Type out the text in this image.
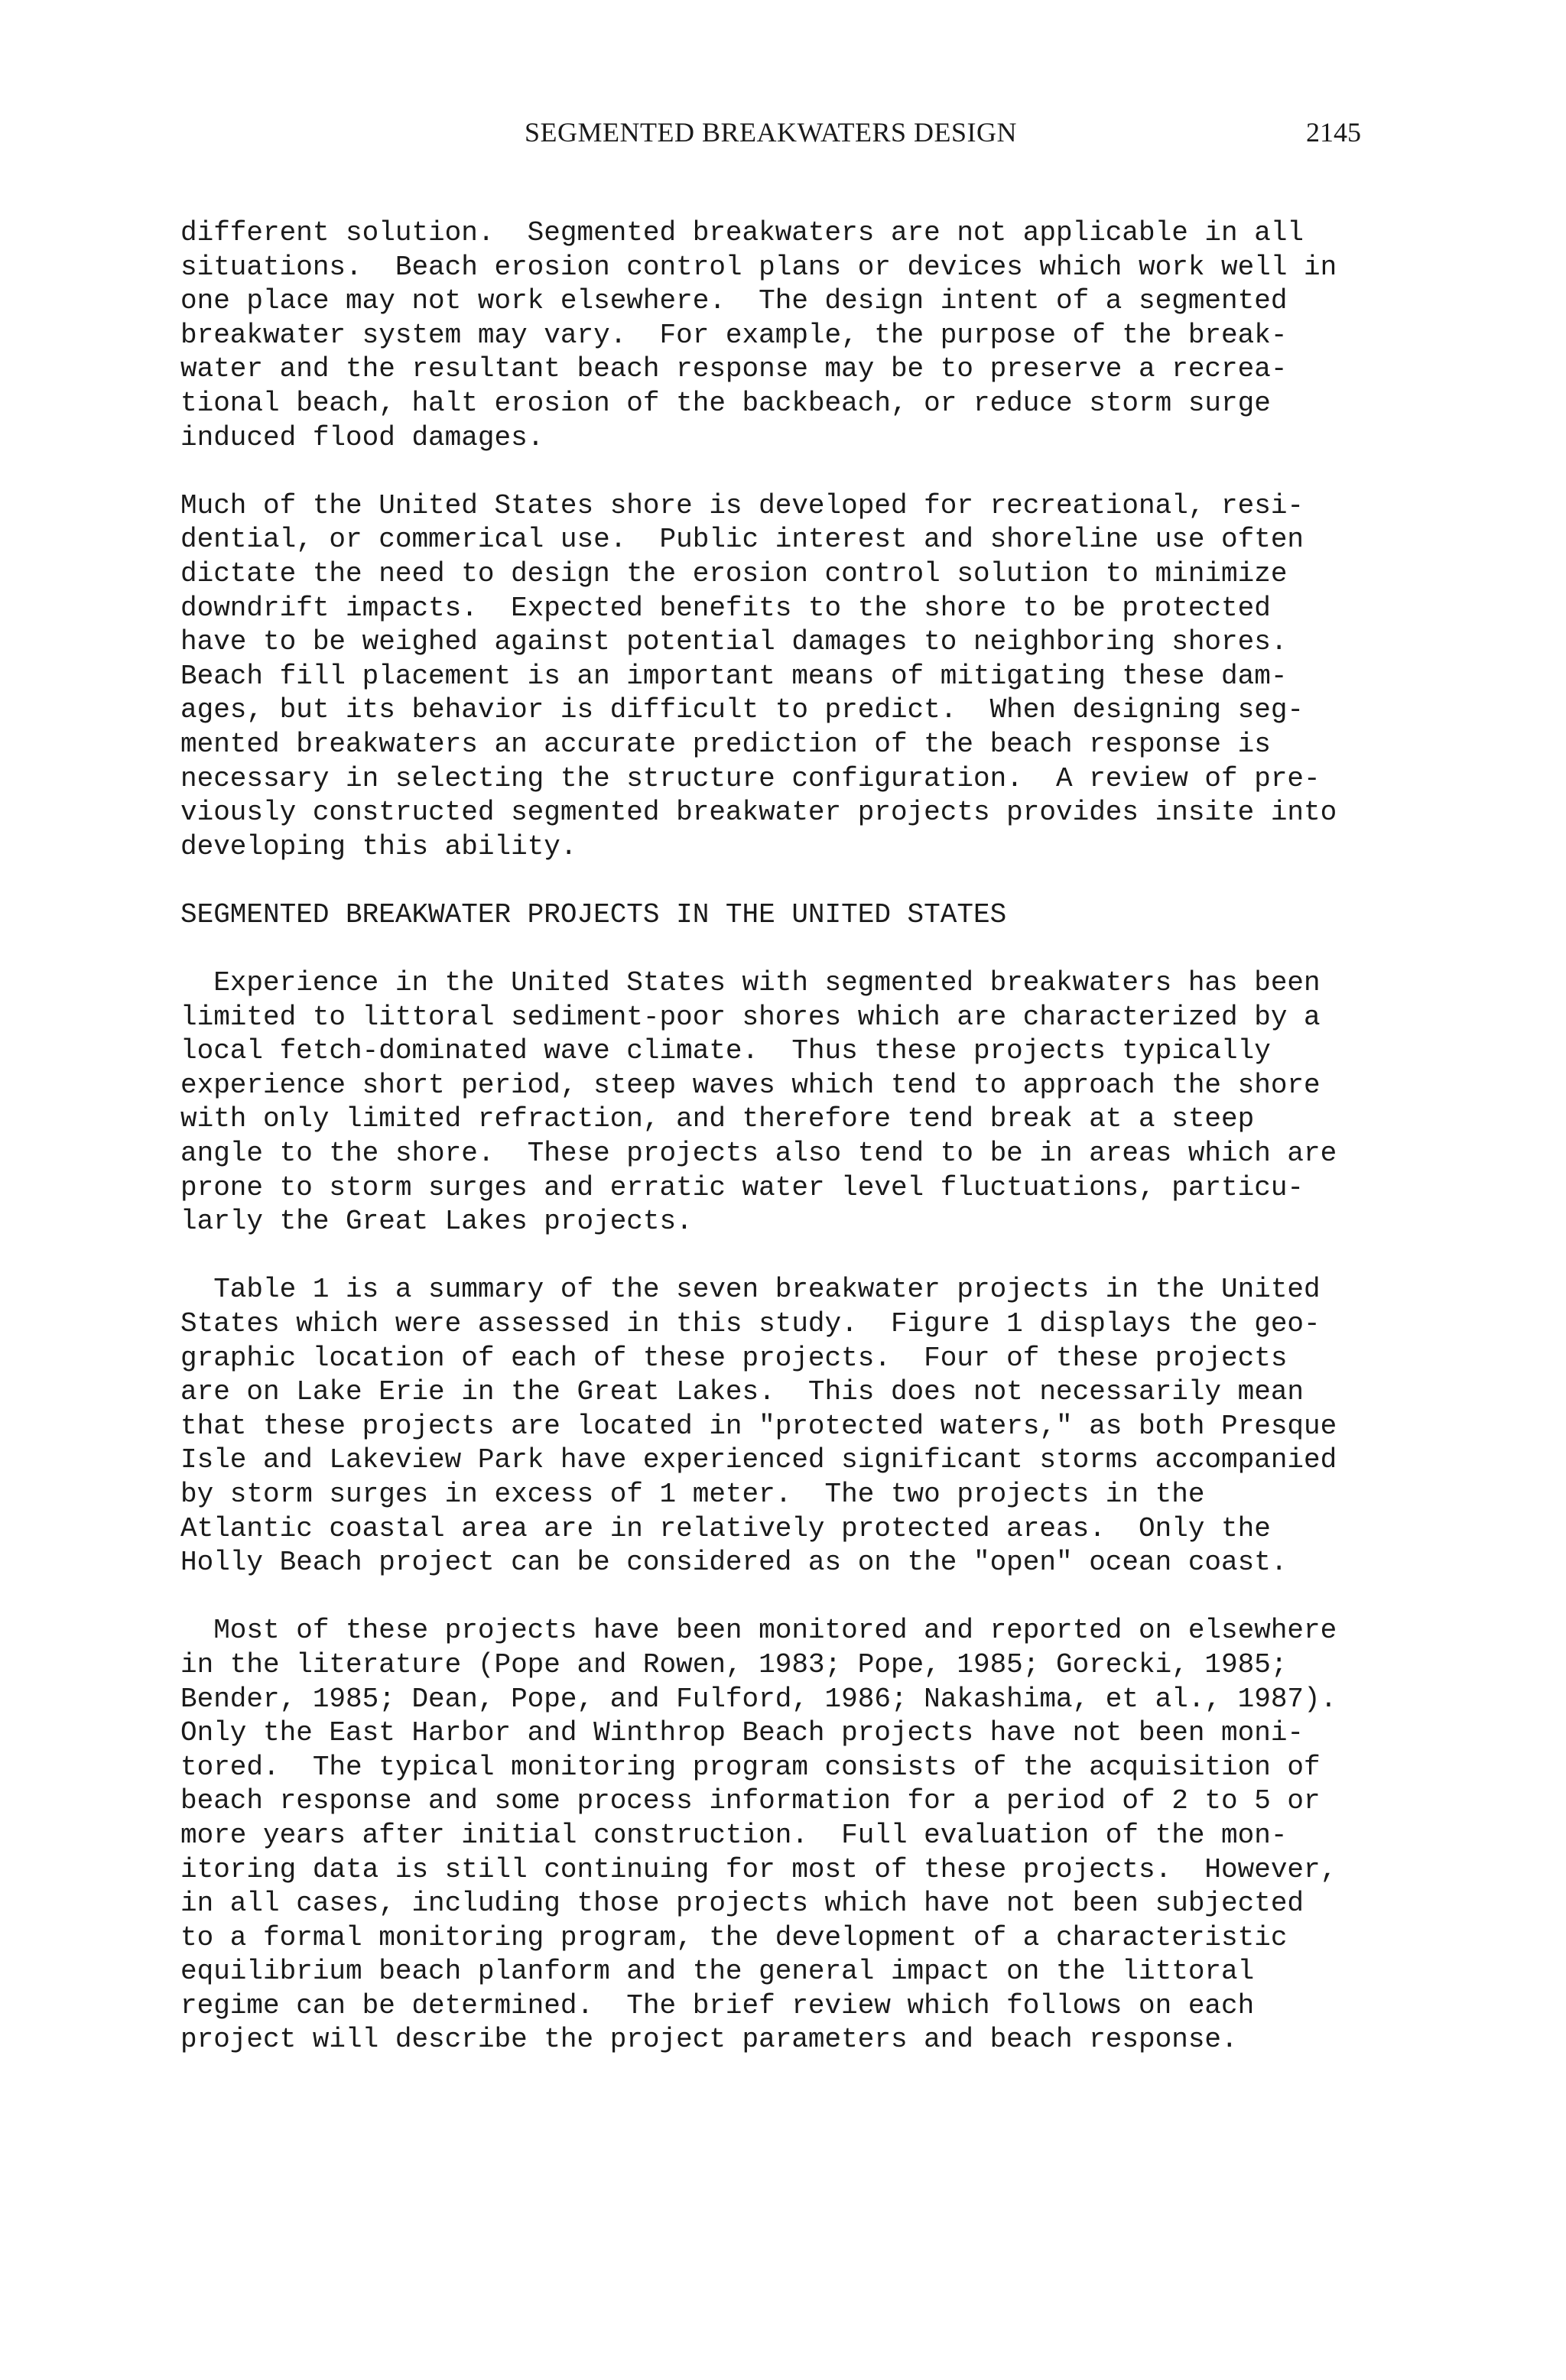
SEGMENTED BREAKWATERS DESIGN	2145

different solution.  Segmented breakwaters are not applicable in all
situations.  Beach erosion control plans or devices which work well in
one place may not work elsewhere.  The design intent of a segmented
breakwater system may vary.  For example, the purpose of the break-
water and the resultant beach response may be to preserve a recrea-
tional beach, halt erosion of the backbeach, or reduce storm surge
induced flood damages.

Much of the United States shore is developed for recreational, resi-
dential, or commerical use.  Public interest and shoreline use often
dictate the need to design the erosion control solution to minimize
downdrift impacts.  Expected benefits to the shore to be protected
have to be weighed against potential damages to neighboring shores.
Beach fill placement is an important means of mitigating these dam-
ages, but its behavior is difficult to predict.  When designing seg-
mented breakwaters an accurate prediction of the beach response is
necessary in selecting the structure configuration.  A review of pre-
viously constructed segmented breakwater projects provides insite into
developing this ability.

SEGMENTED BREAKWATER PROJECTS IN THE UNITED STATES

Experience in the United States with segmented breakwaters has been
limited to littoral sediment-poor shores which are characterized by a
local fetch-dominated wave climate.  Thus these projects typically
experience short period, steep waves which tend to approach the shore
with only limited refraction, and therefore tend break at a steep
angle to the shore.  These projects also tend to be in areas which are
prone to storm surges and erratic water level fluctuations, particu-
larly the Great Lakes projects.

Table 1 is a summary of the seven breakwater projects in the United
States which were assessed in this study.  Figure 1 displays the geo-
graphic location of each of these projects.  Four of these projects
are on Lake Erie in the Great Lakes.  This does not necessarily mean
that these projects are located in "protected waters," as both Presque
Isle and Lakeview Park have experienced significant storms accompanied
by storm surges in excess of 1 meter.  The two projects in the
Atlantic coastal area are in relatively protected areas.  Only the
Holly Beach project can be considered as on the "open" ocean coast.

Most of these projects have been monitored and reported on elsewhere
in the literature (Pope and Rowen, 1983; Pope, 1985; Gorecki, 1985;
Bender, 1985; Dean, Pope, and Fulford, 1986; Nakashima, et al., 1987).
Only the East Harbor and Winthrop Beach projects have not been moni-
tored.  The typical monitoring program consists of the acquisition of
beach response and some process information for a period of 2 to 5 or
more years after initial construction.  Full evaluation of the mon-
itoring data is still continuing for most of these projects.  However,
in all cases, including those projects which have not been subjected
to a formal monitoring program, the development of a characteristic
equilibrium beach planform and the general impact on the littoral
regime can be determined.  The brief review which follows on each
project will describe the project parameters and beach response.
